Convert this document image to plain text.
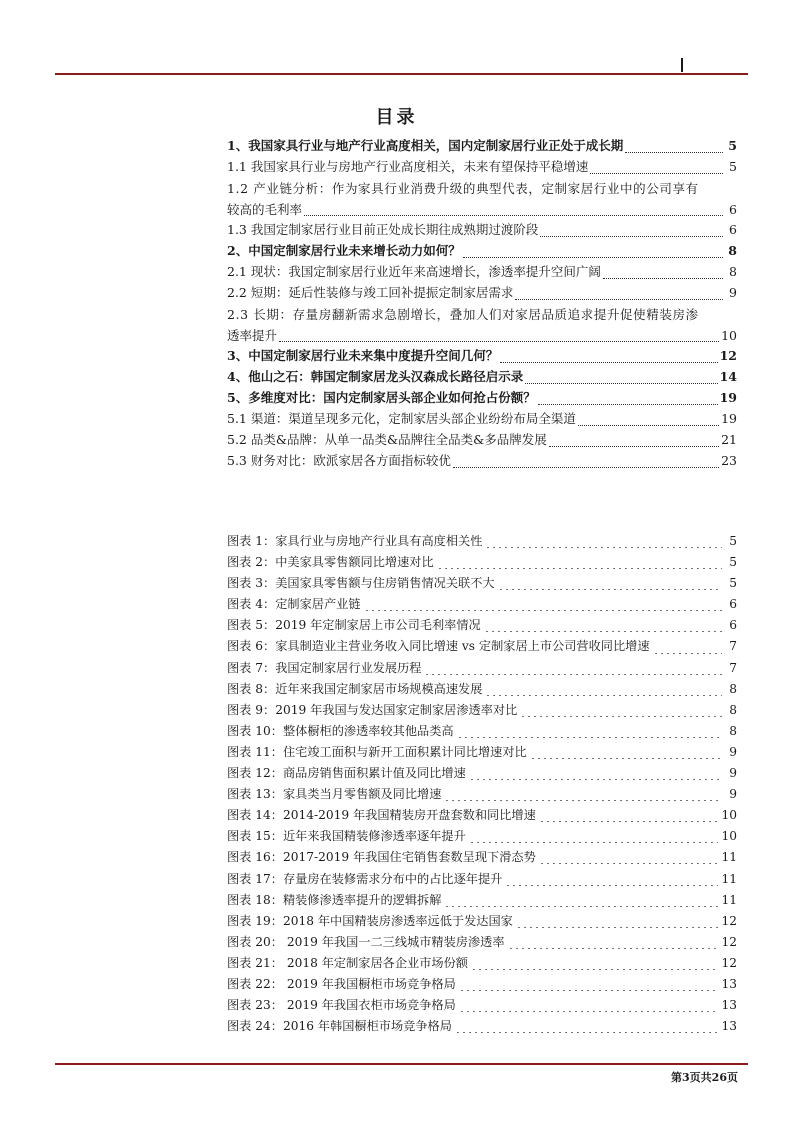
目录
1、我国家具行业与地产行业高度相关，国内定制家居行业正处于成长期	5
1.1 我国家具行业与房地产行业高度相关，未来有望保持平稳增速	5
1.2 产业链分析：作为家具行业消费升级的典型代表，定制家居行业中的公司享有
较高的毛利率	6
1.3 我国定制家居行业目前正处成长期往成熟期过渡阶段	6
2、中国定制家居行业未来增长动力如何？	8
2.1 现状：我国定制家居行业近年来高速增长，渗透率提升空间广阔	8
2.2 短期：延后性装修与竣工回补提振定制家居需求	9
2.3 长期：存量房翻新需求急剧增长，叠加人们对家居品质追求提升促使精装房渗
透率提升	10
3、中国定制家居行业未来集中度提升空间几何？	12
4、他山之石：韩国定制家居龙头汉森成长路径启示录	14
5、多维度对比：国内定制家居头部企业如何抢占份额？	19
5.1 渠道：渠道呈现多元化，定制家居头部企业纷纷布局全渠道	19
5.2 品类&品牌：从单一品类&品牌往全品类&多品牌发展	21
5.3 财务对比：欧派家居各方面指标较优	23
图表 1：家具行业与房地产行业具有高度相关性	5
图表 2：中美家具零售额同比增速对比	5
图表 3：美国家具零售额与住房销售情况关联不大	5
图表 4：定制家居产业链	6
图表 5：2019 年定制家居上市公司毛利率情况	6
图表 6：家具制造业主营业务收入同比增速 vs 定制家居上市公司营收同比增速	7
图表 7：我国定制家居行业发展历程	7
图表 8：近年来我国定制家居市场规模高速发展	8
图表 9：2019 年我国与发达国家定制家居渗透率对比	8
图表 10：整体橱柜的渗透率较其他品类高	8
图表 11：住宅竣工面积与新开工面积累计同比增速对比	9
图表 12：商品房销售面积累计值及同比增速	9
图表 13：家具类当月零售额及同比增速	9
图表 14：2014-2019 年我国精装房开盘套数和同比增速	10
图表 15：近年来我国精装修渗透率逐年提升	10
图表 16：2017-2019 年我国住宅销售套数呈现下滑态势	11
图表 17：存量房在装修需求分布中的占比逐年提升	11
图表 18：精装修渗透率提升的逻辑拆解	11
图表 19：2018 年中国精装房渗透率远低于发达国家	12
图表 20： 2019 年我国一二三线城市精装房渗透率	12
图表 21： 2018 年定制家居各企业市场份额	12
图表 22： 2019 年我国橱柜市场竞争格局	13
图表 23： 2019 年我国衣柜市场竞争格局	13
图表 24：2016 年韩国橱柜市场竞争格局	13
第3页共26页
